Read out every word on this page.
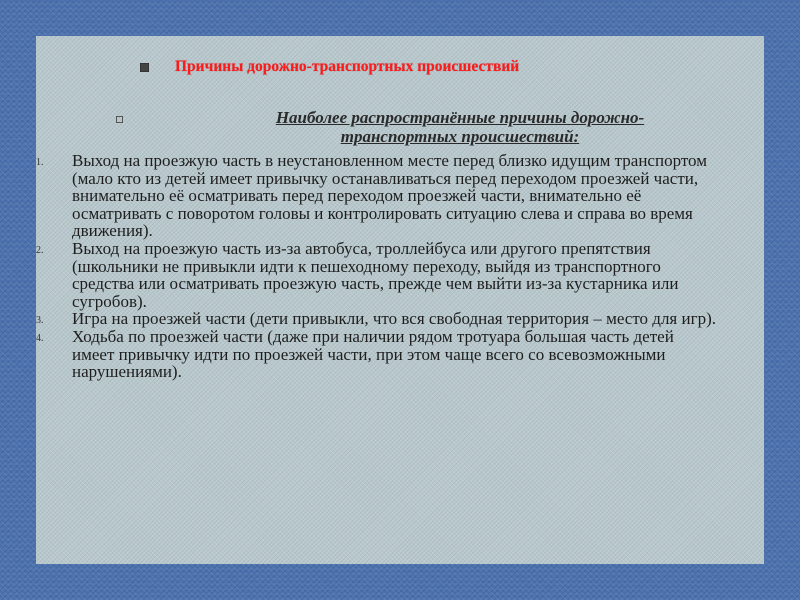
Причины дорожно-транспортных происшествий
Наиболее распространённые причины дорожно-транспортных происшествий:
1. Выход на проезжую часть в неустановленном месте перед близко идущим транспортом (мало кто из детей имеет привычку останавливаться перед переходом проезжей части, внимательно её осматривать перед переходом проезжей части, внимательно её осматривать с поворотом головы и контролировать ситуацию слева и справа во время движения).
2. Выход на проезжую часть из-за автобуса, троллейбуса или другого препятствия (школьники не привыкли идти к пешеходному переходу, выйдя из транспортного средства или осматривать проезжую часть, прежде чем выйти из-за кустарника или сугробов).
3. Игра на проезжей части (дети привыкли, что вся свободная территория – место для игр).
4. Ходьба по проезжей части (даже при наличии рядом тротуара большая часть детей имеет привычку идти по проезжей части, при этом чаще всего со всевозможными нарушениями).
